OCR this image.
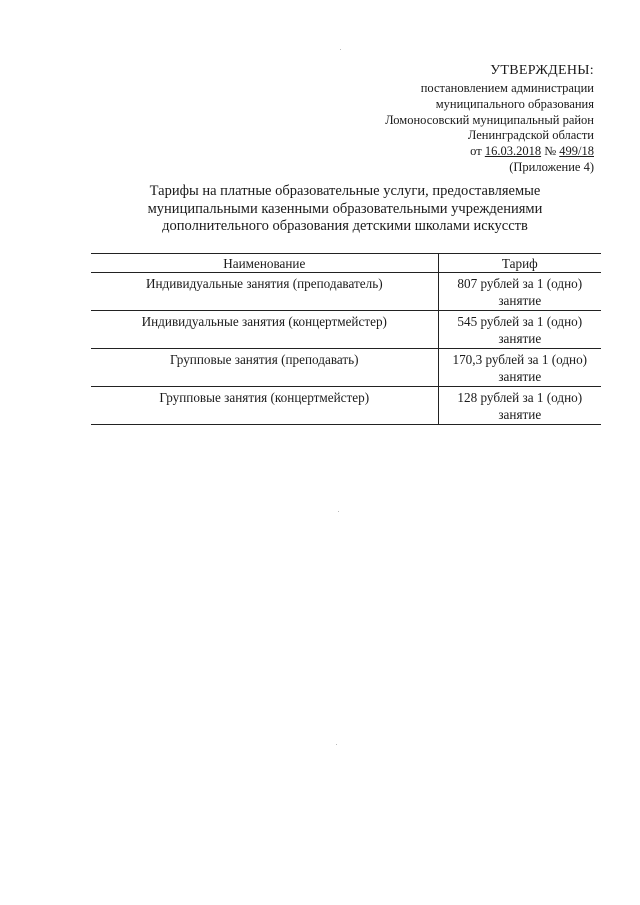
УТВЕРЖДЕНЫ:
постановлением администрации
муниципального образования
Ломоносовский муниципальный район
Ленинградской области
от 16.03.2018 № 499/18
(Приложение 4)
Тарифы на платные образовательные услуги, предоставляемые
муниципальными казенными образовательными учреждениями
дополнительного образования детскими школами искусств
Наименование	Тариф
Индивидуальные занятия (преподаватель)	807 рублей за 1 (одно) занятие
Индивидуальные занятия (концертмейстер)	545 рублей за 1 (одно) занятие
Групповые занятия (преподавать)	170,3 рублей за 1 (одно) занятие
Групповые занятия (концертмейстер)	128 рублей за 1 (одно) занятие
